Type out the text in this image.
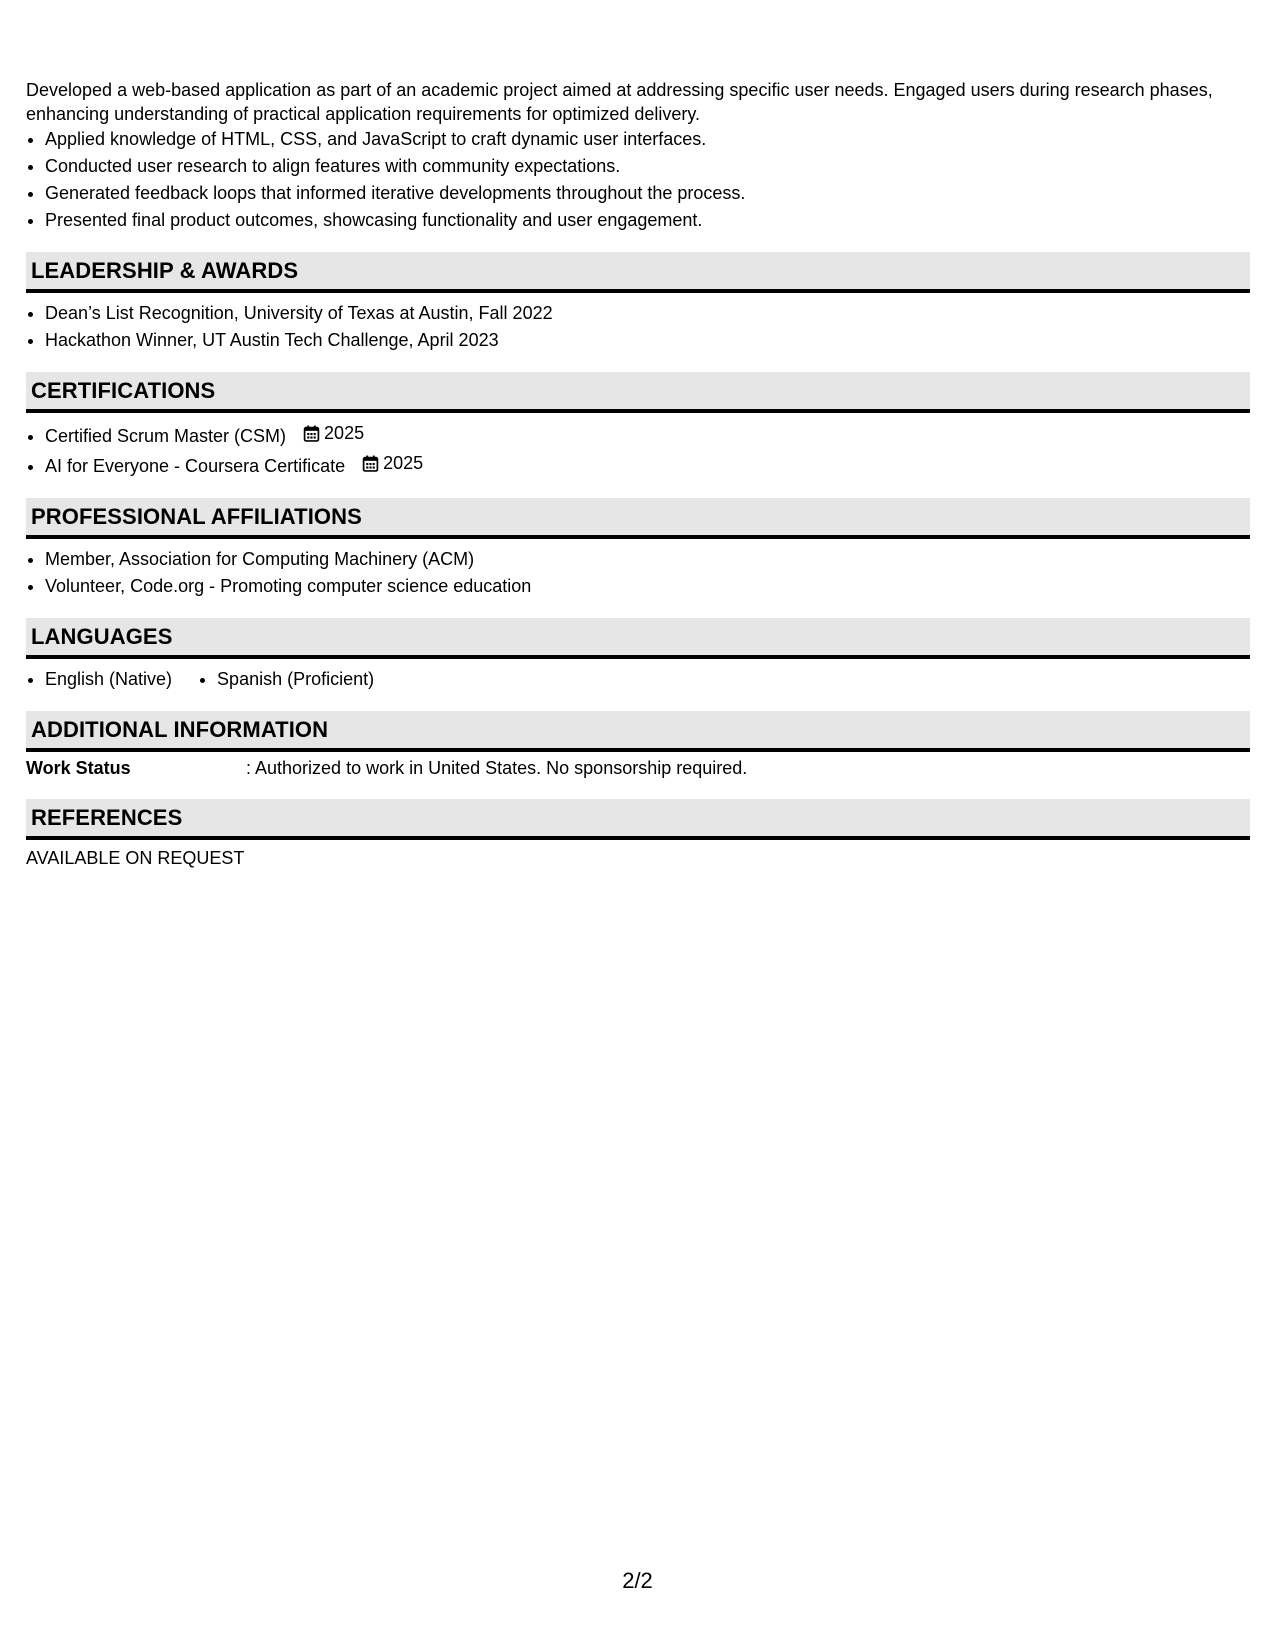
Developed a web-based application as part of an academic project aimed at addressing specific user needs. Engaged users during research phases, enhancing understanding of practical application requirements for optimized delivery.

• Applied knowledge of HTML, CSS, and JavaScript to craft dynamic user interfaces.
• Conducted user research to align features with community expectations.
• Generated feedback loops that informed iterative developments throughout the process.
• Presented final product outcomes, showcasing functionality and user engagement.
LEADERSHIP & AWARDS
• Dean’s List Recognition, University of Texas at Austin, Fall 2022
• Hackathon Winner, UT Austin Tech Challenge, April 2023
CERTIFICATIONS
• Certified Scrum Master (CSM) 2025
• AI for Everyone - Coursera Certificate 2025
PROFESSIONAL AFFILIATIONS
• Member, Association for Computing Machinery (ACM)
• Volunteer, Code.org - Promoting computer science education
LANGUAGES
• English (Native)
•	Spanish (Proficient)
ADDITIONAL INFORMATION
Work Status	: Authorized to work in United States. No sponsorship required.
REFERENCES
AVAILABLE ON REQUEST
2/2
